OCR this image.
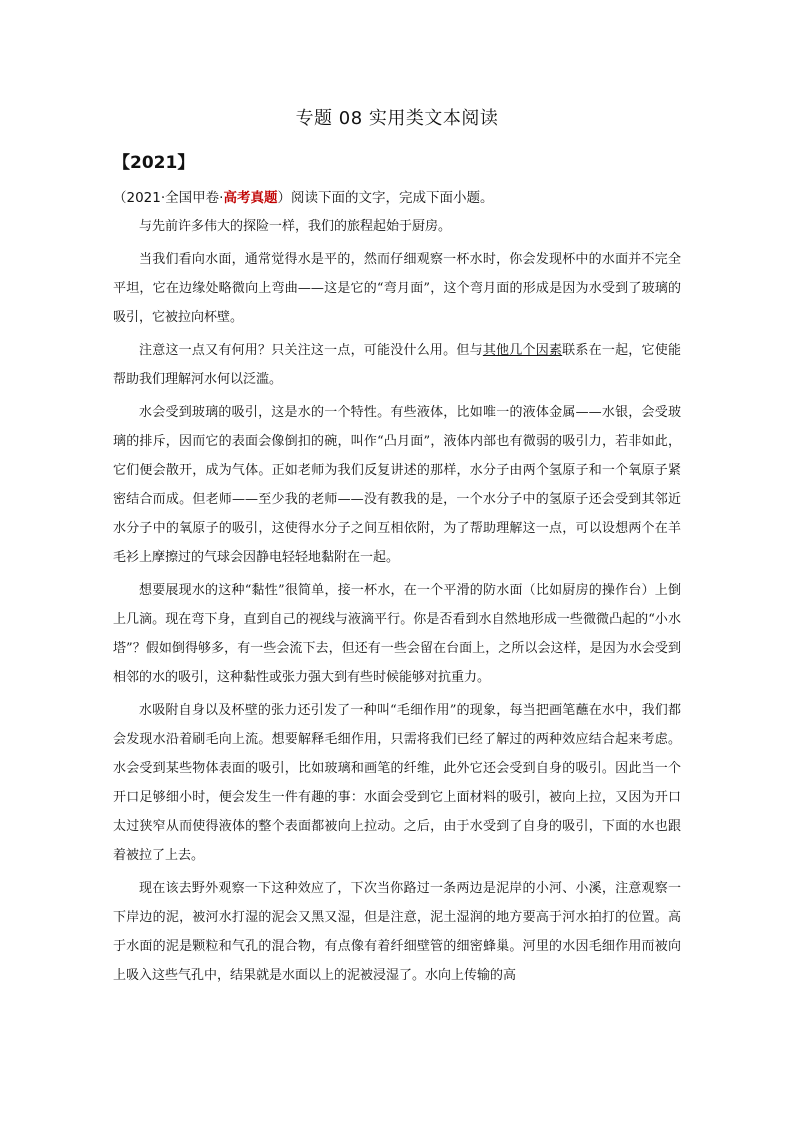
专题 08 实用类文本阅读
【2021】
（2021·全国甲卷·高考真题）阅读下面的文字，完成下面小题。

与先前许多伟大的探险一样，我们的旅程起始于厨房。

当我们看向水面，通常觉得水是平的，然而仔细观察一杯水时，你会发现杯中的水面并不完全平坦，它在边缘处略微向上弯曲——这是它的“弯月面”，这个弯月面的形成是因为水受到了玻璃的吸引，它被拉向杯壁。

注意这一点又有何用？只关注这一点，可能没什么用。但与其他几个因素联系在一起，它使能帮助我们理解河水何以泛滥。

水会受到玻璃的吸引，这是水的一个特性。有些液体，比如唯一的液体金属——水银，会受玻璃的排斥，因而它的表面会像倒扣的碗，叫作“凸月面”，液体内部也有微弱的吸引力，若非如此，它们便会散开，成为气体。正如老师为我们反复讲述的那样，水分子由两个氢原子和一个氧原子紧密结合而成。但老师——至少我的老师——没有教我的是，一个水分子中的氢原子还会受到其邻近水分子中的氧原子的吸引，这使得水分子之间互相依附，为了帮助理解这一点，可以设想两个在羊毛衫上摩擦过的气球会因静电轻轻地黏附在一起。

想要展现水的这种“黏性”很简单，接一杯水，在一个平滑的防水面（比如厨房的操作台）上倒上几滴。现在弯下身，直到自己的视线与液滴平行。你是否看到水自然地形成一些微微凸起的“小水塔”？假如倒得够多，有一些会流下去，但还有一些会留在台面上，之所以会这样，是因为水会受到相邻的水的吸引，这种黏性或张力强大到有些时候能够对抗重力。

水吸附自身以及杯壁的张力还引发了一种叫“毛细作用”的现象，每当把画笔蘸在水中，我们都会发现水沿着刷毛向上流。想要解释毛细作用，只需将我们已经了解过的两种效应结合起来考虑。水会受到某些物体表面的吸引，比如玻璃和画笔的纤维，此外它还会受到自身的吸引。因此当一个开口足够细小时，便会发生一件有趣的事：水面会受到它上面材料的吸引，被向上拉，又因为开口太过狭窄从而使得液体的整个表面都被向上拉动。之后，由于水受到了自身的吸引，下面的水也跟着被拉了上去。

现在该去野外观察一下这种效应了，下次当你路过一条两边是泥岸的小河、小溪，注意观察一下岸边的泥，被河水打湿的泥会又黑又湿，但是注意，泥土湿润的地方要高于河水拍打的位置。高于水面的泥是颗粒和气孔的混合物，有点像有着纤细壁管的细密蜂巢。河里的水因毛细作用而被向上吸入这些气孔中，结果就是水面以上的泥被浸湿了。水向上传输的高
